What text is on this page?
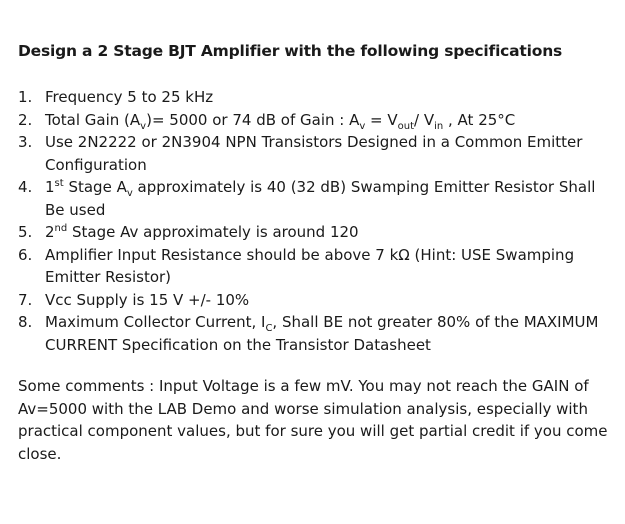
Design a 2 Stage BJT Amplifier with the following specifications
1. Frequency 5 to 25 kHz
2. Total Gain $(A_v)= 5000$ or 74 dB of Gain : $A_v = V_{out}/$ $V_{in}$ , At 25°C
3. Use 2N2222 or 2N3904 NPN Transistors Designed in a Common Emitter Configuration
4. 1st Stage $A_v$ approximately is 40 (32 dB) Swamping Emitter Resistor Shall Be used
5. 2nd Stage Av approximately is around 120
6. Amplifier Input Resistance should be above 7 kΩ (Hint: USE Swamping Emitter Resistor)
7. Vcc Supply is 15 V +/- 10%
8. Maximum Collector Current, $I_C$, Shall BE not greater 80% of the MAXIMUM CURRENT Specification on the Transistor Datasheet
Some comments : Input Voltage is a few mV. You may not reach the GAIN of Av=5000 with the LAB Demo and worse simulation analysis, especially with practical component values, but for sure you will get partial credit if you come close.
